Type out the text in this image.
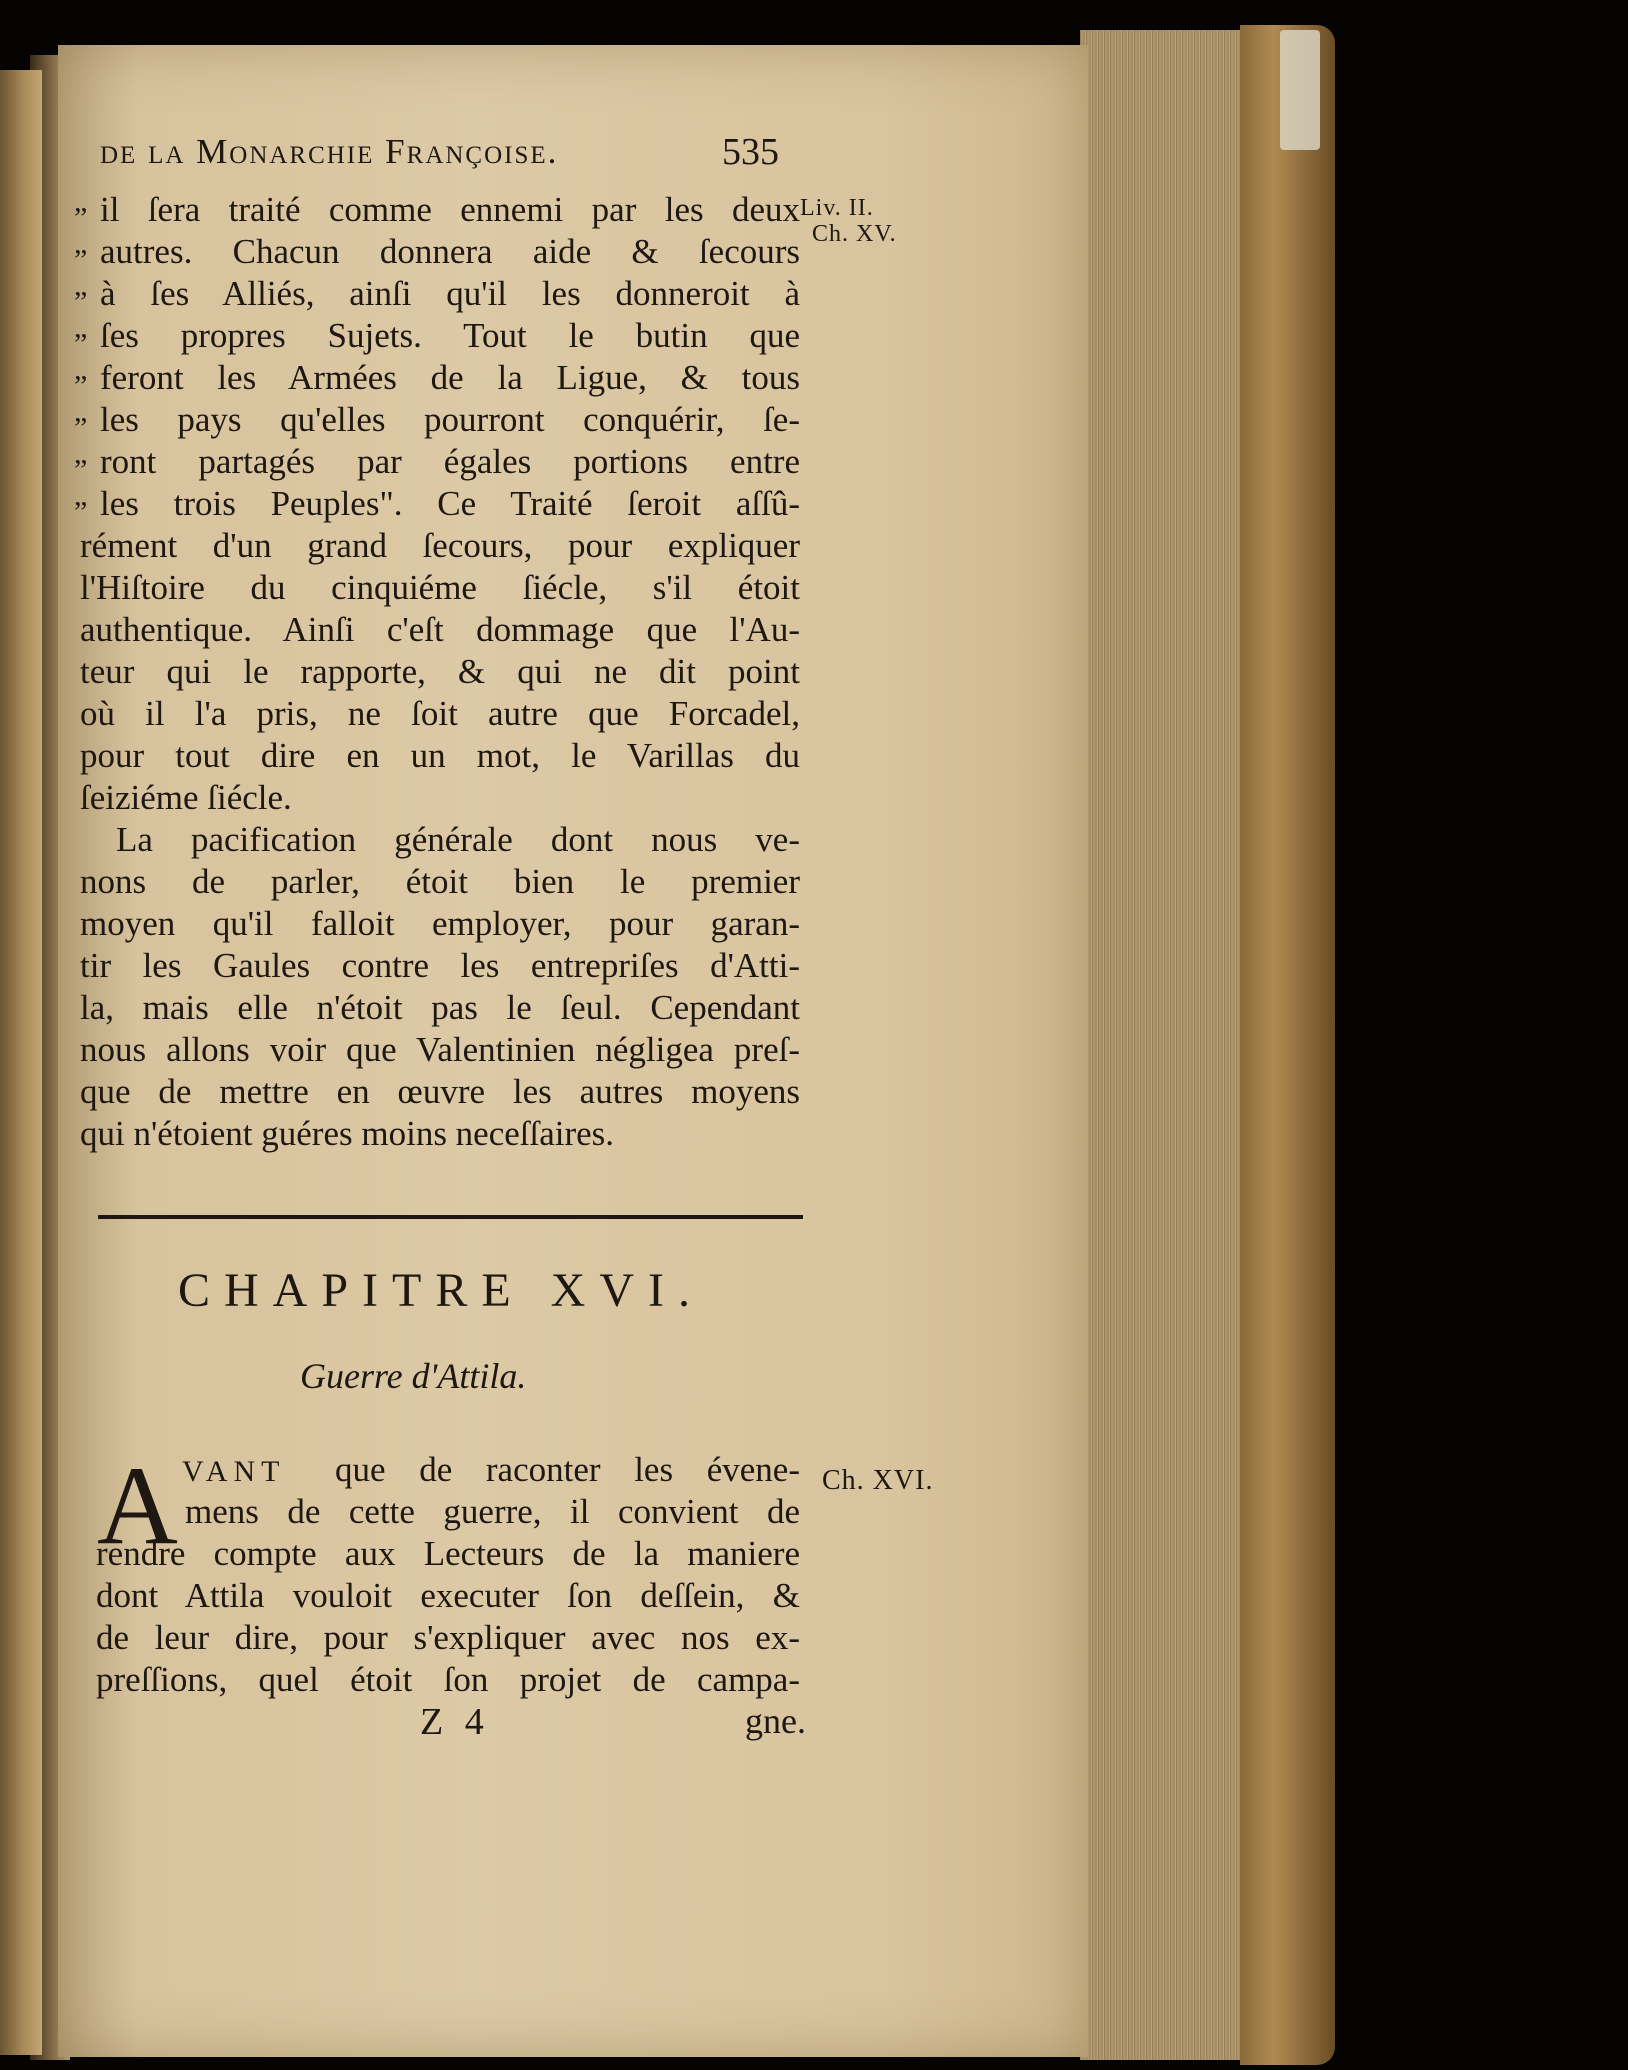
de la Monarchie Françoise.	535

Liv. II.

Ch. XV.

„
„
„
„
„
„
„
„
il ſera traité comme ennemi par les deux
autres. Chacun donnera aide & ſecours
à ſes Alliés, ainſi qu'il les donneroit à
ſes propres Sujets. Tout le butin que
feront les Armées de la Ligue, & tous
les pays qu'elles pourront conquérir, ſe-
ront partagés par égales portions entre
les trois Peuples". Ce Traité ſeroit aſſû-
rément d'un grand ſecours, pour expliquer
l'Hiſtoire du cinquiéme ſiécle, s'il étoit
authentique. Ainſi c'eſt dommage que l'Au-
teur qui le rapporte, & qui ne dit point
où il l'a pris, ne ſoit autre que Forcadel,
pour tout dire en un mot, le Varillas du
ſeiziéme ſiécle.
La pacification générale dont nous ve-
nons de parler, étoit bien le premier
moyen qu'il falloit employer, pour garan-
tir les Gaules contre les entrepriſes d'Atti-
la, mais elle n'étoit pas le ſeul. Cependant
nous allons voir que Valentinien négligea preſ-
que de mettre en œuvre les autres moyens
qui n'étoient guéres moins neceſſaires.

CHAPITRE XVI.

Guerre d'Attila.

Ch. XVI.

A VANT que de raconter les évene-
mens de cette guerre, il convient de
rendre compte aux Lecteurs de la maniere
dont Attila vouloit executer ſon deſſein, &
de leur dire, pour s'expliquer avec nos ex-
preſſions, quel étoit ſon projet de campa-

Z 4	gne.
